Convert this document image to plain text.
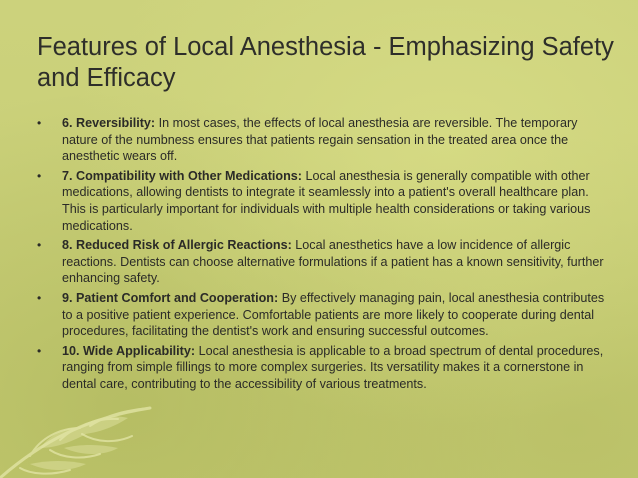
Features of Local Anesthesia - Emphasizing Safety and Efficacy
• 6. Reversibility: In most cases, the effects of local anesthesia are reversible. The temporary nature of the numbness ensures that patients regain sensation in the treated area once the anesthetic wears off.
• 7. Compatibility with Other Medications: Local anesthesia is generally compatible with other medications, allowing dentists to integrate it seamlessly into a patient's overall healthcare plan. This is particularly important for individuals with multiple health considerations or taking various medications.
• 8. Reduced Risk of Allergic Reactions: Local anesthetics have a low incidence of allergic reactions. Dentists can choose alternative formulations if a patient has a known sensitivity, further enhancing safety.
• 9. Patient Comfort and Cooperation: By effectively managing pain, local anesthesia contributes to a positive patient experience. Comfortable patients are more likely to cooperate during dental procedures, facilitating the dentist's work and ensuring successful outcomes.
• 10. Wide Applicability: Local anesthesia is applicable to a broad spectrum of dental procedures, ranging from simple fillings to more complex surgeries. Its versatility makes it a cornerstone in dental care, contributing to the accessibility of various treatments.
